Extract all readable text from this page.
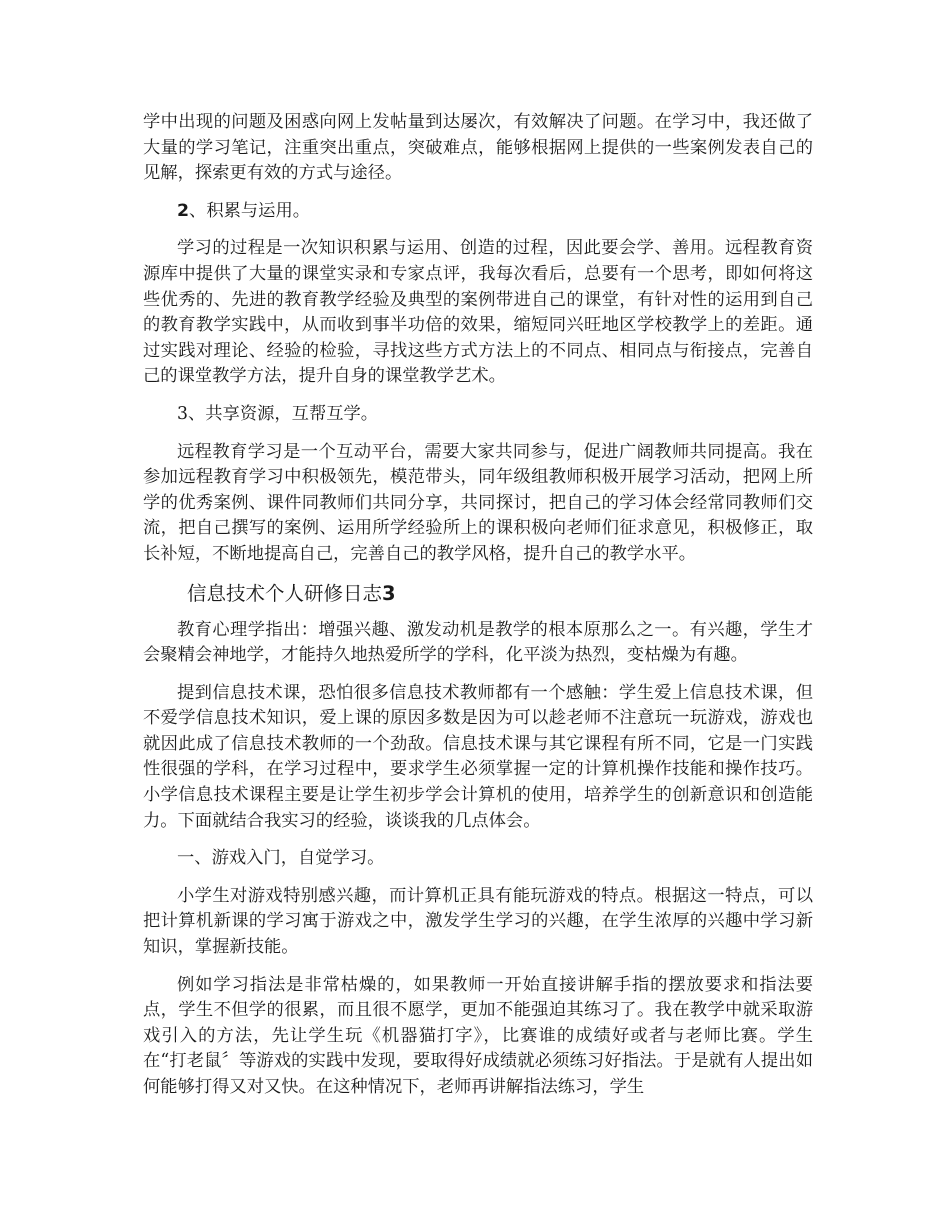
学中出现的问题及困惑向网上发帖量到达屡次，有效解决了问题。在学习中，我还做了大量的学习笔记，注重突出重点，突破难点，能够根据网上提供的一些案例发表自己的见解，探索更有效的方式与途径。

2、积累与运用。

学习的过程是一次知识积累与运用、创造的过程，因此要会学、善用。远程教育资源库中提供了大量的课堂实录和专家点评，我每次看后，总要有一个思考，即如何将这些优秀的、先进的教育教学经验及典型的案例带进自己的课堂，有针对性的运用到自己的教育教学实践中，从而收到事半功倍的效果，缩短同兴旺地区学校教学上的差距。通过实践对理论、经验的检验，寻找这些方式方法上的不同点、相同点与衔接点，完善自己的课堂教学方法，提升自身的课堂教学艺术。

3、共享资源，互帮互学。

远程教育学习是一个互动平台，需要大家共同参与，促进广阔教师共同提高。我在参加远程教育学习中积极领先，模范带头，同年级组教师积极开展学习活动，把网上所学的优秀案例、课件同教师们共同分享，共同探讨，把自己的学习体会经常同教师们交流，把自己撰写的案例、运用所学经验所上的课积极向老师们征求意见，积极修正，取长补短，不断地提高自己，完善自己的教学风格，提升自己的教学水平。

信息技术个人研修日志3

教育心理学指出：增强兴趣、激发动机是教学的根本原那么之一。有兴趣，学生才会聚精会神地学，才能持久地热爱所学的学科，化平淡为热烈，变枯燥为有趣。

提到信息技术课，恐怕很多信息技术教师都有一个感触：学生爱上信息技术课，但不爱学信息技术知识，爱上课的原因多数是因为可以趁老师不注意玩一玩游戏，游戏也就因此成了信息技术教师的一个劲敌。信息技术课与其它课程有所不同，它是一门实践性很强的学科，在学习过程中，要求学生必须掌握一定的计算机操作技能和操作技巧。小学信息技术课程主要是让学生初步学会计算机的使用，培养学生的创新意识和创造能力。下面就结合我实习的经验，谈谈我的几点体会。

一、游戏入门，自觉学习。

小学生对游戏特别感兴趣，而计算机正具有能玩游戏的特点。根据这一特点，可以把计算机新课的学习寓于游戏之中，激发学生学习的兴趣，在学生浓厚的兴趣中学习新知识，掌握新技能。

例如学习指法是非常枯燥的，如果教师一开始直接讲解手指的摆放要求和指法要点，学生不但学的很累，而且很不愿学，更加不能强迫其练习了。我在教学中就采取游戏引入的方法，先让学生玩《机器猫打字》，比赛谁的成绩好或者与老师比赛。学生在“打老鼠〞等游戏的实践中发现，要取得好成绩就必须练习好指法。于是就有人提出如何能够打得又对又快。在这种情况下，老师再讲解指法练习，学生
